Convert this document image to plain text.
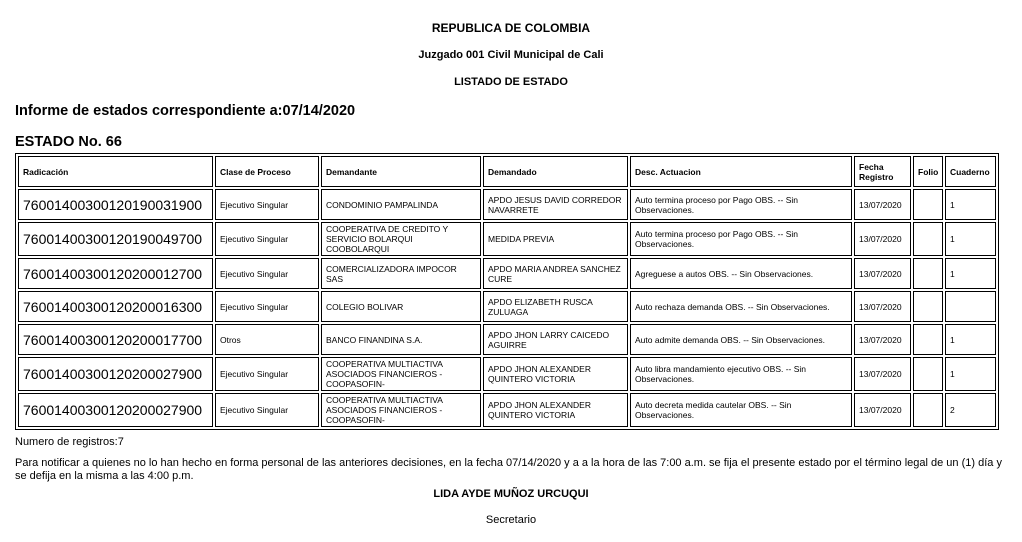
REPUBLICA DE COLOMBIA
Juzgado 001 Civil Municipal de Cali
LISTADO DE ESTADO
Informe de estados correspondiente a:07/14/2020
ESTADO No. 66
Radicación	Clase de Proceso	Demandante	Demandado	Desc. Actuacion	Fecha Registro	Folio	Cuaderno
76001400300120190031900	Ejecutivo Singular	CONDOMINIO PAMPALINDA	APDO JESUS DAVID CORREDOR NAVARRETE	Auto termina proceso por Pago OBS. -- Sin Observaciones.	13/07/2020		1
76001400300120190049700	Ejecutivo Singular	COOPERATIVA DE CREDITO Y SERVICIO BOLARQUI COOBOLARQUI	MEDIDA PREVIA	Auto termina proceso por Pago OBS. -- Sin Observaciones.	13/07/2020		1
76001400300120200012700	Ejecutivo Singular	COMERCIALIZADORA IMPOCOR SAS	APDO MARIA ANDREA SANCHEZ CURE	Agreguese a autos OBS. -- Sin Observaciones.	13/07/2020		1
76001400300120200016300	Ejecutivo Singular	COLEGIO BOLIVAR	APDO ELIZABETH RUSCA ZULUAGA	Auto rechaza demanda OBS. -- Sin Observaciones.	13/07/2020		
76001400300120200017700	Otros	BANCO FINANDINA S.A.	APDO JHON LARRY CAICEDO AGUIRRE	Auto admite demanda OBS. -- Sin Observaciones.	13/07/2020		1
76001400300120200027900	Ejecutivo Singular	COOPERATIVA MULTIACTIVA ASOCIADOS FINANCIEROS - COOPASOFIN-	APDO JHON ALEXANDER QUINTERO VICTORIA	Auto libra mandamiento ejecutivo OBS. -- Sin Observaciones.	13/07/2020		1
76001400300120200027900	Ejecutivo Singular	COOPERATIVA MULTIACTIVA ASOCIADOS FINANCIEROS - COOPASOFIN-	APDO JHON ALEXANDER QUINTERO VICTORIA	Auto decreta medida cautelar OBS. -- Sin Observaciones.	13/07/2020		2
Numero de registros:7
Para notificar a quienes no lo han hecho en forma personal de las anteriores decisiones, en la fecha 07/14/2020 y a a la hora de las 7:00 a.m. se fija el presente estado por el término legal de un (1) día y se defija en la misma a las 4:00 p.m.
LIDA AYDE MUÑOZ URCUQUI
Secretario
